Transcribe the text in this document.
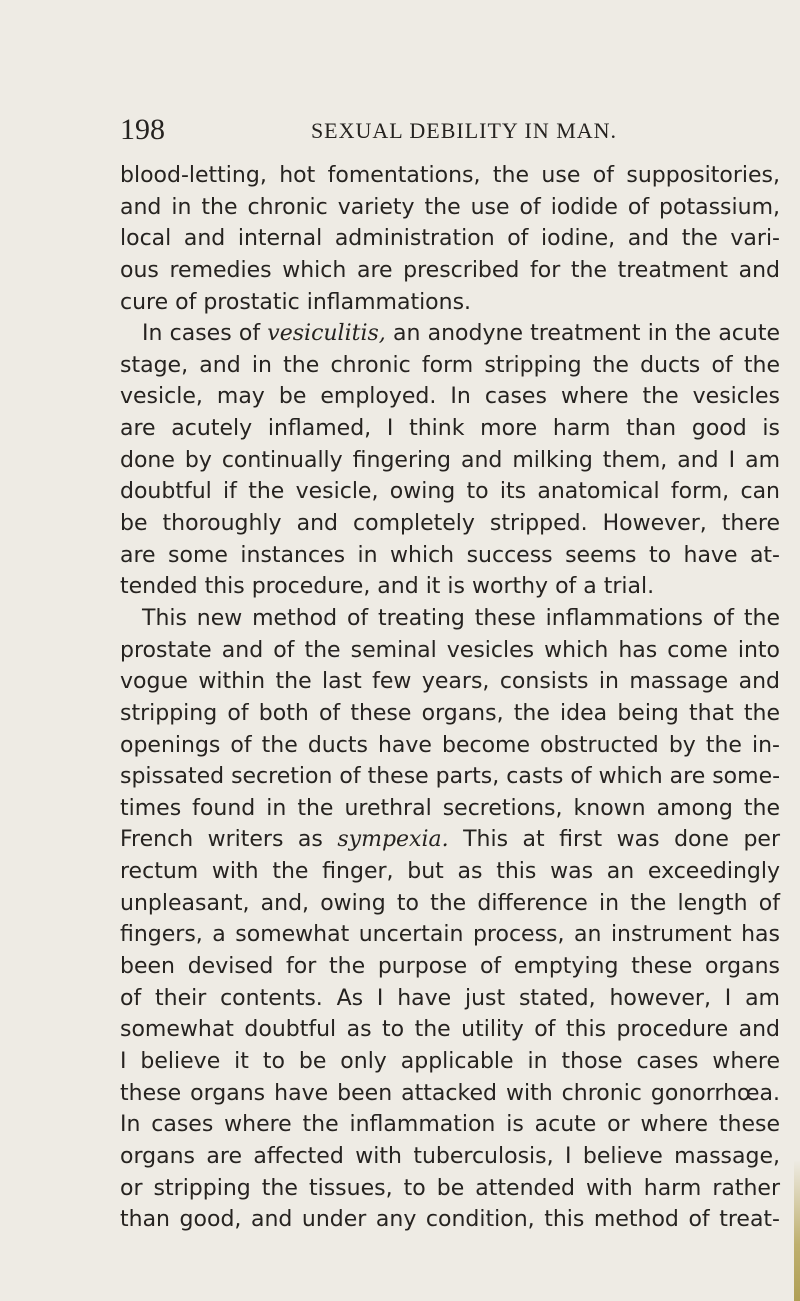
198	SEXUAL DEBILITY IN MAN.
blood-letting, hot fomentations, the use of suppositories,
and in the chronic variety the use of iodide of potassium,
local and internal administration of iodine, and the vari-
ous remedies which are prescribed for the treatment and
cure of prostatic inflammations.
In cases of vesiculitis, an anodyne treatment in the acute
stage, and in the chronic form stripping the ducts of the
vesicle, may be employed. In cases where the vesicles
are acutely inflamed, I think more harm than good is
done by continually fingering and milking them, and I am
doubtful if the vesicle, owing to its anatomical form, can
be thoroughly and completely stripped. However, there
are some instances in which success seems to have at-
tended this procedure, and it is worthy of a trial.
This new method of treating these inflammations of the
prostate and of the seminal vesicles which has come into
vogue within the last few years, consists in massage and
stripping of both of these organs, the idea being that the
openings of the ducts have become obstructed by the in-
spissated secretion of these parts, casts of which are some-
times found in the urethral secretions, known among the
French writers as sympexia. This at first was done per
rectum with the finger, but as this was an exceedingly
unpleasant, and, owing to the difference in the length of
fingers, a somewhat uncertain process, an instrument has
been devised for the purpose of emptying these organs
of their contents. As I have just stated, however, I am
somewhat doubtful as to the utility of this procedure and
I believe it to be only applicable in those cases where
these organs have been attacked with chronic gonorrhœa.
In cases where the inflammation is acute or where these
organs are affected with tuberculosis, I believe massage,
or stripping the tissues, to be attended with harm rather
than good, and under any condition, this method of treat-
